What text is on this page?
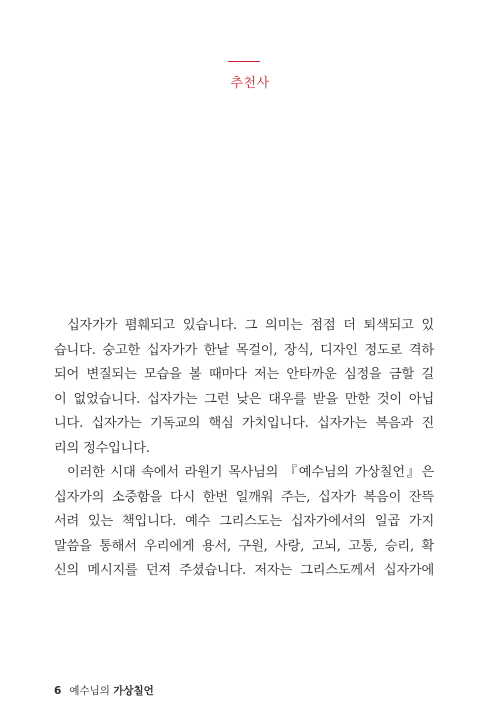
추천사
십자가가 폄훼되고 있습니다. 그 의미는 점점 더 퇴색되고 있
습니다. 숭고한 십자가가 한낱 목걸이, 장식, 디자인 정도로 격하
되어 변질되는 모습을 볼 때마다 저는 안타까운 심정을 금할 길
이 없었습니다. 십자가는 그런 낮은 대우를 받을 만한 것이 아닙
니다. 십자가는 기독교의 핵심 가치입니다. 십자가는 복음과 진
리의 정수입니다.
이러한 시대 속에서 라원기 목사님의 『예수님의 가상칠언』은
십자가의 소중함을 다시 한번 일깨워 주는, 십자가 복음이 잔뜩
서려 있는 책입니다. 예수 그리스도는 십자가에서의 일곱 가지
말씀을 통해서 우리에게 용서, 구원, 사랑, 고뇌, 고통, 승리, 확
신의 메시지를 던져 주셨습니다. 저자는 그리스도께서 십자가에
6 예수님의 가상칠언
